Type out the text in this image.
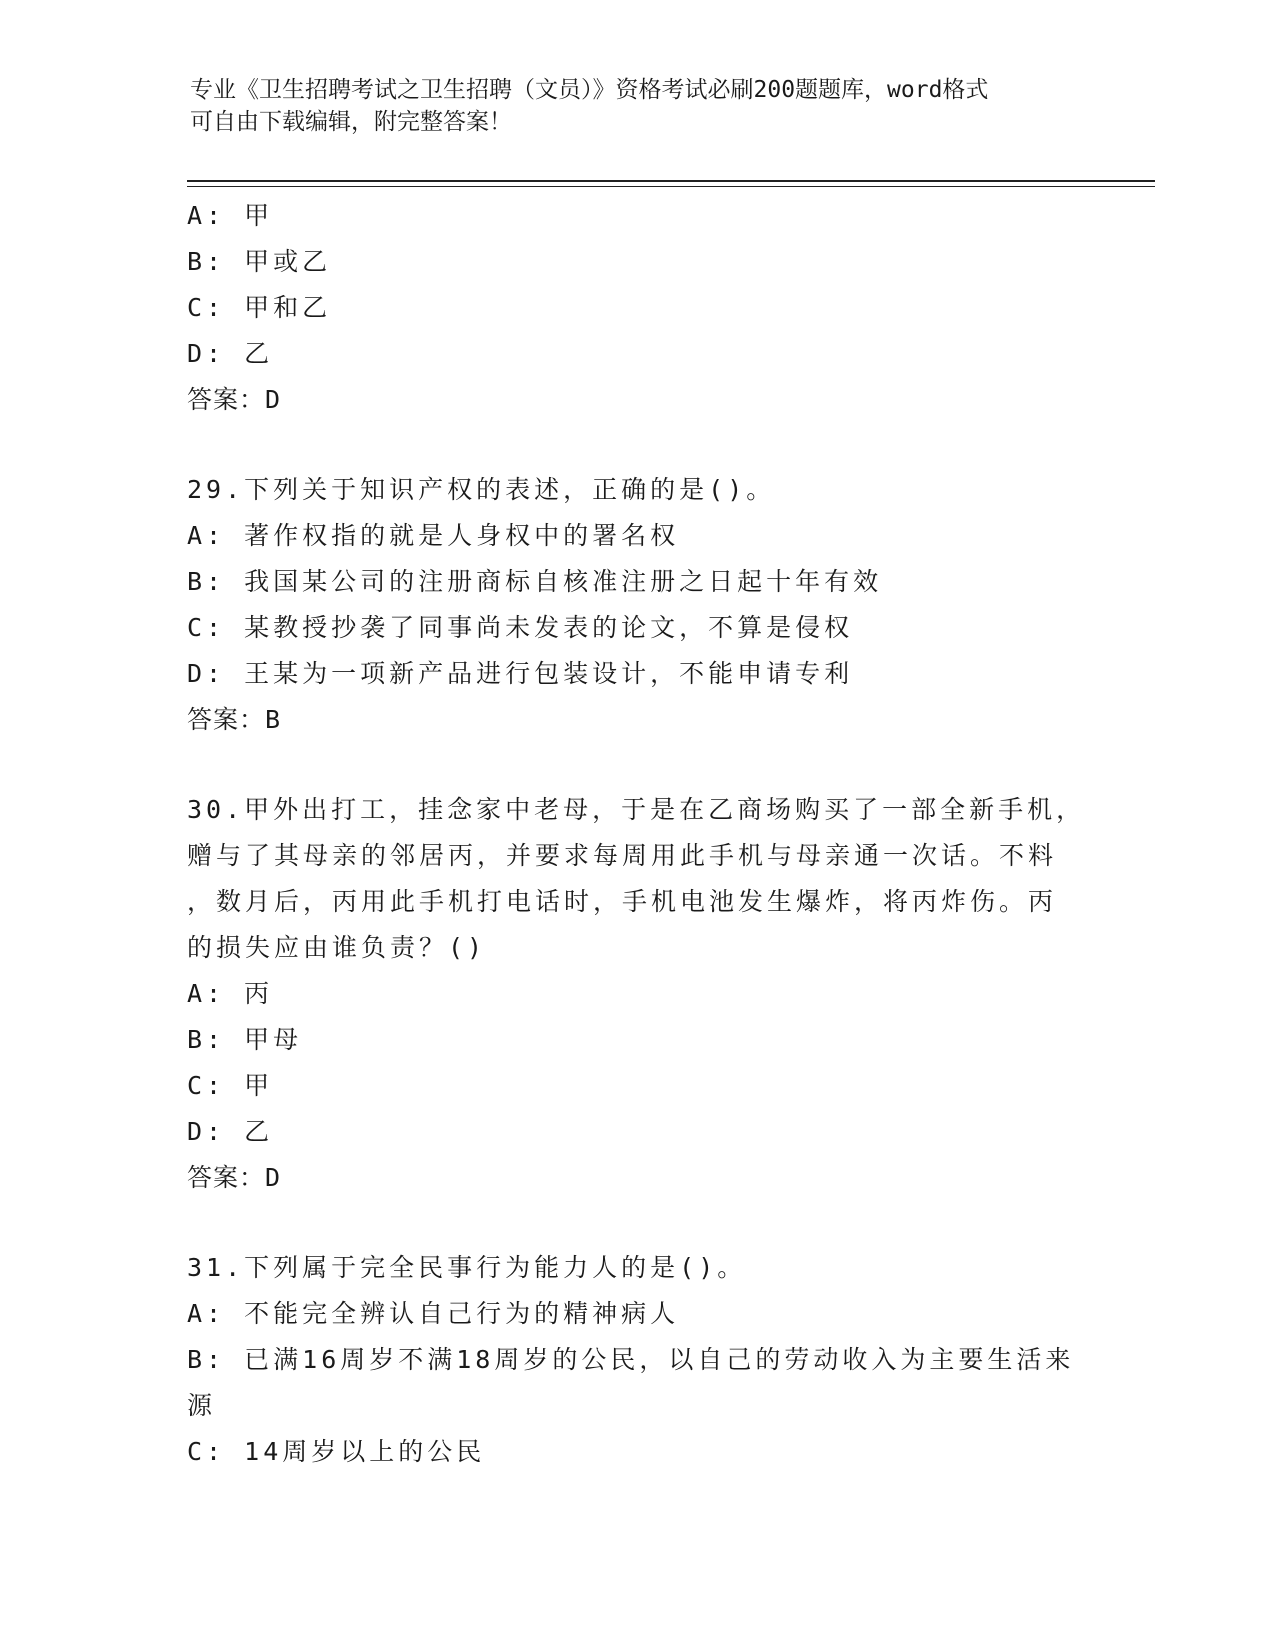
专业《卫生招聘考试之卫生招聘（文员）》资格考试必刷200题题库，word格式
可自由下载编辑，附完整答案！
A: 甲
B: 甲或乙
C: 甲和乙
D: 乙
答案：D
29.下列关于知识产权的表述，正确的是()。
A: 著作权指的就是人身权中的署名权
B: 我国某公司的注册商标自核准注册之日起十年有效
C: 某教授抄袭了同事尚未发表的论文，不算是侵权
D: 王某为一项新产品进行包装设计，不能申请专利
答案：B
30.甲外出打工，挂念家中老母，于是在乙商场购买了一部全新手机，
赠与了其母亲的邻居丙，并要求每周用此手机与母亲通一次话。不料
，数月后，丙用此手机打电话时，手机电池发生爆炸，将丙炸伤。丙
的损失应由谁负责？()
A: 丙
B: 甲母
C: 甲
D: 乙
答案：D
31.下列属于完全民事行为能力人的是()。
A: 不能完全辨认自己行为的精神病人
B: 已满16周岁不满18周岁的公民，以自己的劳动收入为主要生活来
源
C: 14周岁以上的公民
